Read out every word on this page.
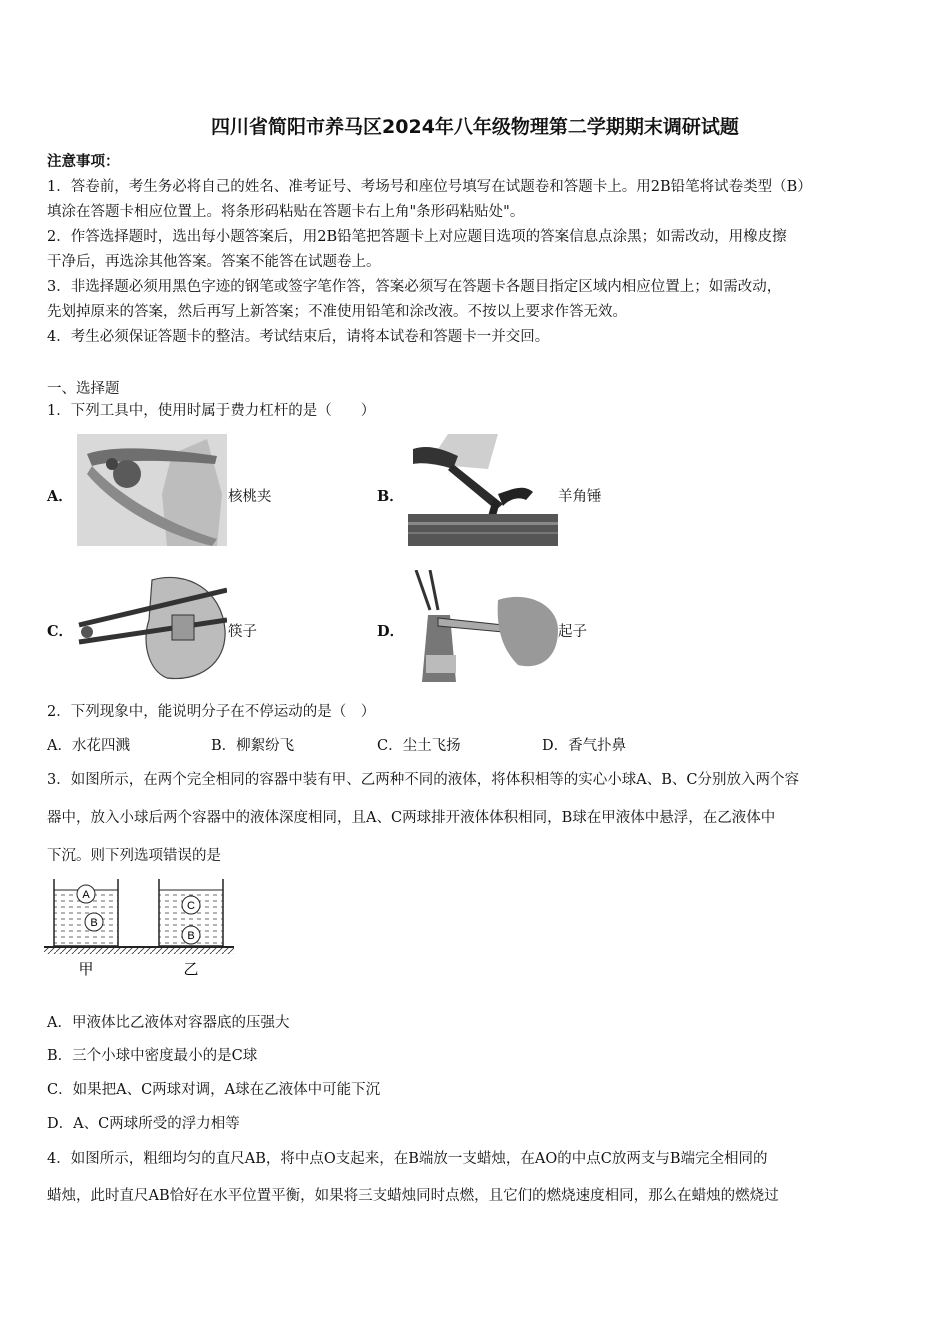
四川省简阳市养马区2024年八年级物理第二学期期末调研试题
注意事项：
1．答卷前，考生务必将自己的姓名、准考证号、考场号和座位号填写在试题卷和答题卡上。用2B铅笔将试卷类型（B）
填涂在答题卡相应位置上。将条形码粘贴在答题卡右上角"条形码粘贴处"。
2．作答选择题时，选出每小题答案后，用2B铅笔把答题卡上对应题目选项的答案信息点涂黑；如需改动，用橡皮擦
干净后，再选涂其他答案。答案不能答在试题卷上。
3．非选择题必须用黑色字迹的钢笔或签字笔作答，答案必须写在答题卡各题目指定区域内相应位置上；如需改动，
先划掉原来的答案，然后再写上新答案；不准使用铅笔和涂改液。不按以上要求作答无效。
4．考生必须保证答题卡的整洁。考试结束后，请将本试卷和答题卡一并交回。
一、选择题
1．下列工具中，使用时属于费力杠杆的是（　　）
A．	核桃夹	B．	羊角锤
C．	筷子	D．	起子
2．下列现象中，能说明分子在不停运动的是（　）
A．水花四溅	B．柳絮纷飞	C．尘土飞扬	D．香气扑鼻
3．如图所示，在两个完全相同的容器中装有甲、乙两种不同的液体，将体积相等的实心小球A、B、C分别放入两个容
器中，放入小球后两个容器中的液体深度相同，且A、C两球排开液体体积相同，B球在甲液体中悬浮，在乙液体中
下沉。则下列选项错误的是
A
B
C
B
甲	乙
A．甲液体比乙液体对容器底的压强大
B．三个小球中密度最小的是C球
C．如果把A、C两球对调，A球在乙液体中可能下沉
D．A、C两球所受的浮力相等
4．如图所示，粗细均匀的直尺AB，将中点O支起来，在B端放一支蜡烛，在AO的中点C放两支与B端完全相同的
蜡烛，此时直尺AB恰好在水平位置平衡，如果将三支蜡烛同时点燃，且它们的燃烧速度相同，那么在蜡烛的燃烧过
